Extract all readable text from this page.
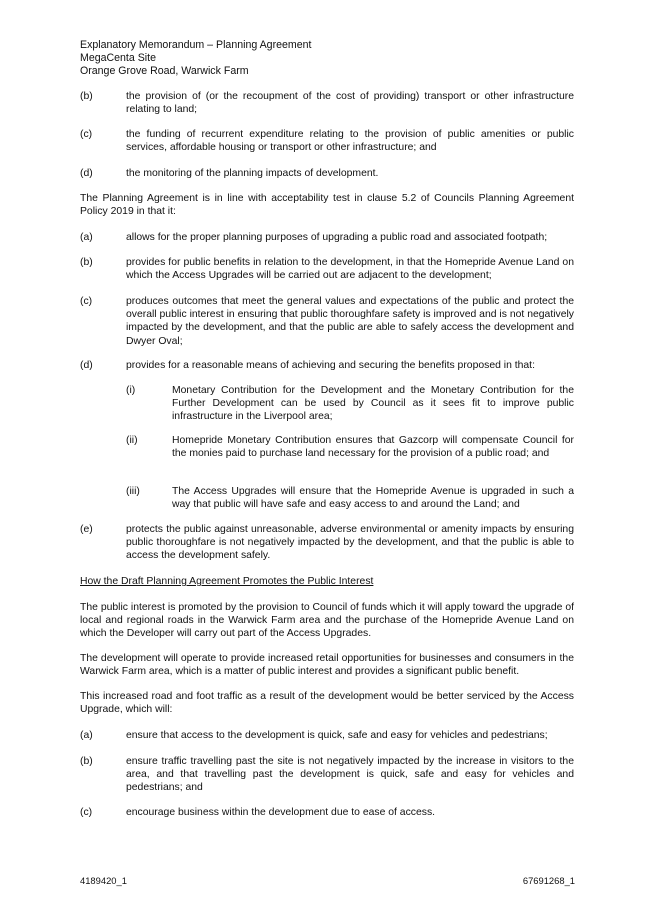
Explanatory Memorandum – Planning Agreement
MegaCenta Site
Orange Grove Road, Warwick Farm
(b)	the provision of (or the recoupment of the cost of providing) transport or other infrastructure relating to land;
(c)	the funding of recurrent expenditure relating to the provision of public amenities or public services, affordable housing or transport or other infrastructure; and
(d)	the monitoring of the planning impacts of development.
The Planning Agreement is in line with acceptability test in clause 5.2 of Councils Planning Agreement Policy 2019 in that it:
(a)	allows for the proper planning purposes of upgrading a public road and associated footpath;
(b)	provides for public benefits in relation to the development, in that the Homepride Avenue Land on which the Access Upgrades will be carried out are adjacent to the development;
(c)	produces outcomes that meet the general values and expectations of the public and protect the overall public interest in ensuring that public thoroughfare safety is improved and is not negatively impacted by the development, and that the public are able to safely access the development and Dwyer Oval;
(d)	provides for a reasonable means of achieving and securing the benefits proposed in that:
(i)	Monetary Contribution for the Development and the Monetary Contribution for the Further Development can be used by Council as it sees fit to improve public infrastructure in the Liverpool area;
(ii)	Homepride Monetary Contribution ensures that Gazcorp will compensate Council for the monies paid to purchase land necessary for the provision of a public road; and
(iii)	The Access Upgrades will ensure that the Homepride Avenue is upgraded in such a way that public will have safe and easy access to and around the Land; and
(e)	protects the public against unreasonable, adverse environmental or amenity impacts by ensuring public thoroughfare is not negatively impacted by the development, and that the public is able to access the development safely.
How the Draft Planning Agreement Promotes the Public Interest
The public interest is promoted by the provision to Council of funds which it will apply toward the upgrade of local and regional roads in the Warwick Farm area and the purchase of the Homepride Avenue Land on which the Developer will carry out part of the Access Upgrades.
The development will operate to provide increased retail opportunities for businesses and consumers in the Warwick Farm area, which is a matter of public interest and provides a significant public benefit.
This increased road and foot traffic as a result of the development would be better serviced by the Access Upgrade, which will:
(a)	ensure that access to the development is quick, safe and easy for vehicles and pedestrians;
(b)	ensure traffic travelling past the site is not negatively impacted by the increase in visitors to the area, and that travelling past the development is quick, safe and easy for vehicles and pedestrians; and
(c)	encourage business within the development due to ease of access.
4189420_1	67691268_1
